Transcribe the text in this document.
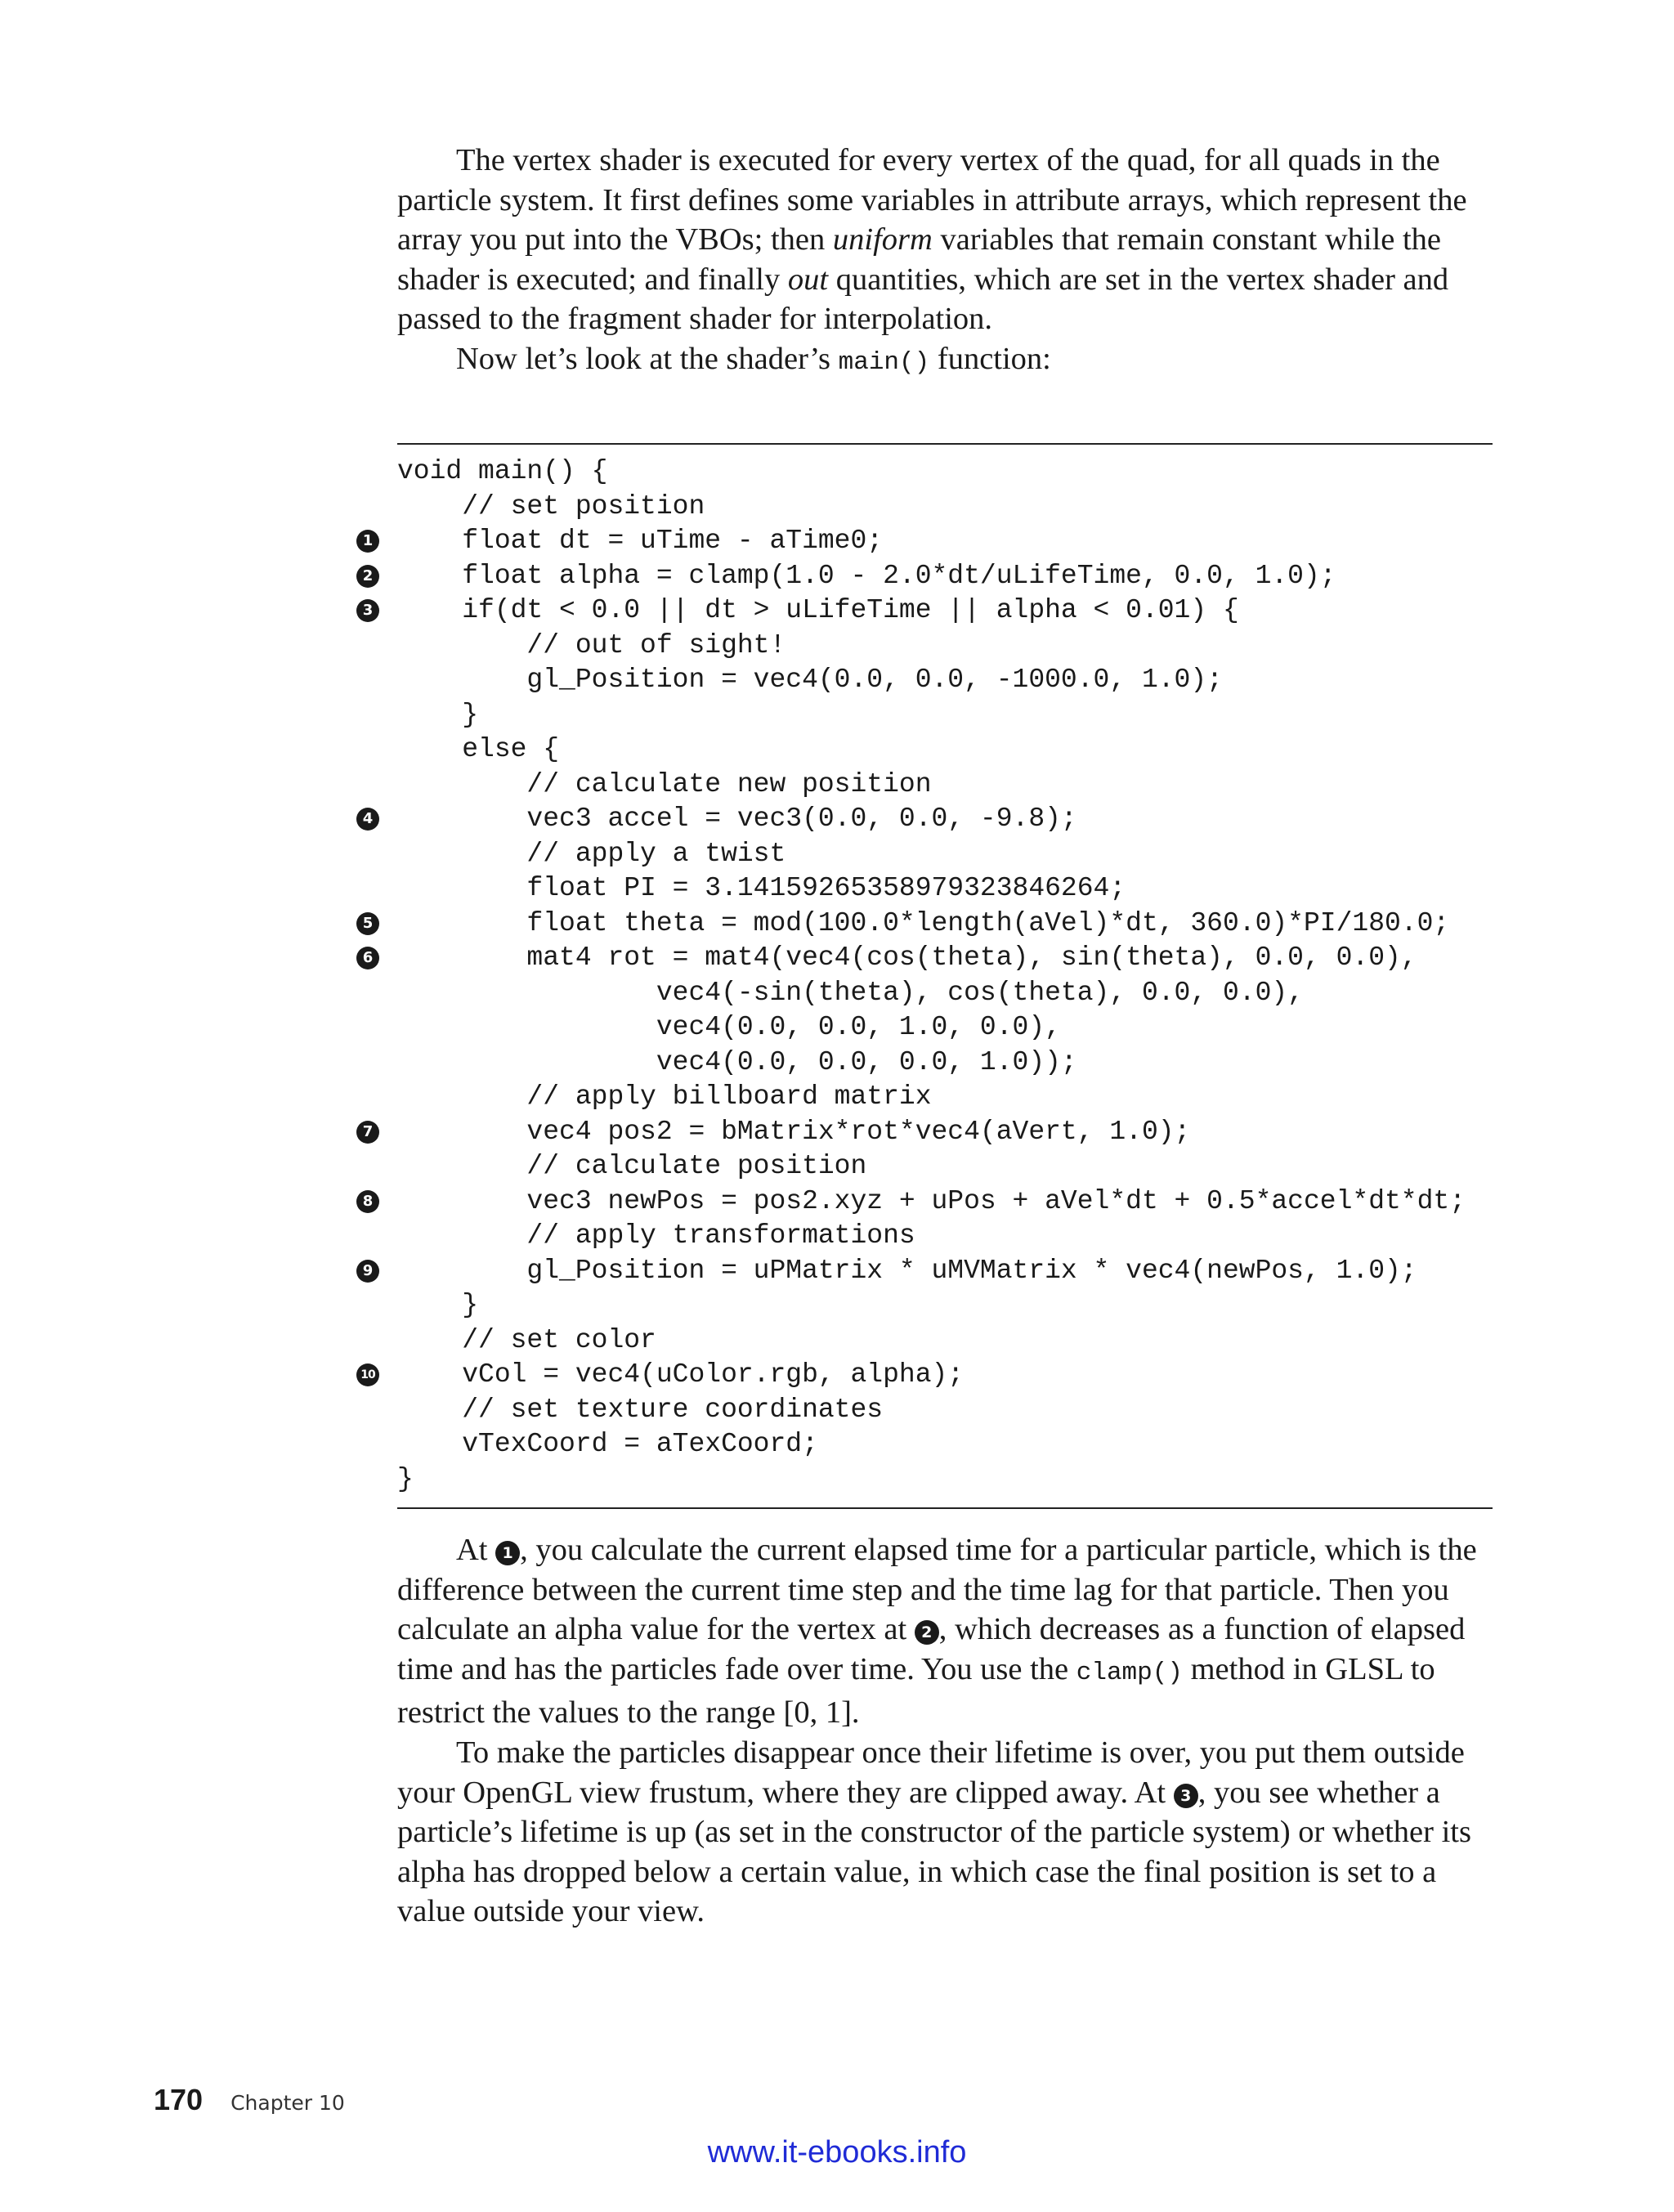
The vertex shader is executed for every vertex of the quad, for all quads in the particle system. It first defines some variables in attribute arrays, which represent the array you put into the VBOs; then uniform variables that remain constant while the shader is executed; and finally out quantities, which are set in the vertex shader and passed to the fragment shader for interpolation.

Now let’s look at the shader’s main() function:

void main() {
// set position
1 float dt = uTime - aTime0;
2 float alpha = clamp(1.0 - 2.0*dt/uLifeTime, 0.0, 1.0);
3 if(dt < 0.0 || dt > uLifeTime || alpha < 0.01) {
// out of sight!
gl_Position = vec4(0.0, 0.0, -1000.0, 1.0);
}
else {
// calculate new position
4 vec3 accel = vec3(0.0, 0.0, -9.8);
// apply a twist
float PI = 3.14159265358979323846264;
5 float theta = mod(100.0*length(aVel)*dt, 360.0)*PI/180.0;
6 mat4 rot = mat4(vec4(cos(theta), sin(theta), 0.0, 0.0),
vec4(-sin(theta), cos(theta), 0.0, 0.0),
vec4(0.0, 0.0, 1.0, 0.0),
vec4(0.0, 0.0, 0.0, 1.0));
// apply billboard matrix
7 vec4 pos2 = bMatrix*rot*vec4(aVert, 1.0);
// calculate position
8 vec3 newPos = pos2.xyz + uPos + aVel*dt + 0.5*accel*dt*dt;
// apply transformations
9 gl_Position = uPMatrix * uMVMatrix * vec4(newPos, 1.0);
}
// set color
10 vCol = vec4(uColor.rgb, alpha);
// set texture coordinates
vTexCoord = aTexCoord;
}

At 1 , you calculate the current elapsed time for a particular particle, which is the difference between the current time step and the time lag for that particle. Then you calculate an alpha value for the vertex at 2 , which decreases as a function of elapsed time and has the particles fade over time. You use the clamp() method in GLSL to restrict the values to the range [0, 1].

To make the particles disappear once their lifetime is over, you put them outside your OpenGL view frustum, where they are clipped away. At 3 , you see whether a particle’s lifetime is up (as set in the constructor of the particle system) or whether its alpha has dropped below a certain value, in which case the final position is set to a value outside your view.

170 Chapter 10
www.it-ebooks.info
